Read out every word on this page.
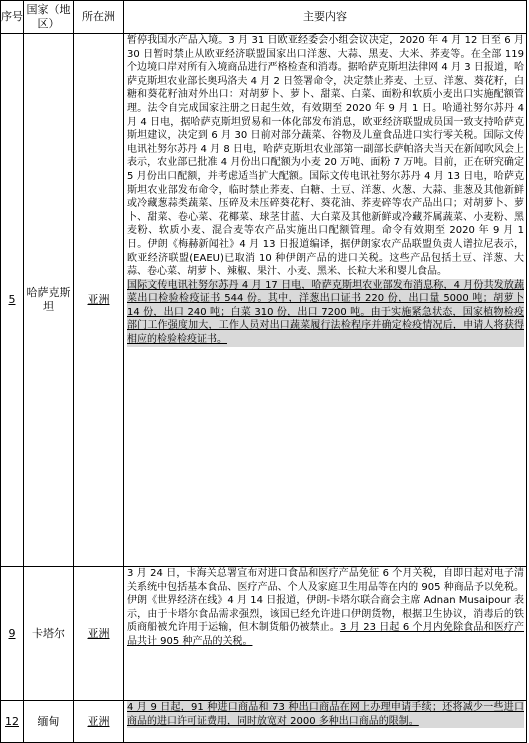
序号	国家（地区）	所在洲	主要内容
5	哈萨克斯坦	亚洲	暂停我国水产品入境。3 月 31 日欧亚经委会小组会议决定，2020 年 4 月 12 日至 6 月 30 日暂时禁止从欧亚经济联盟国家出口洋葱、大蒜、黑麦、大米、荞麦等。在全部 119 个边境口岸对所有入境商品进行严格检查和消毒。据哈萨克斯坦法律网 4 月 3 日报道，哈萨克斯坦农业部长奥玛洛夫 4 月 2 日签署命令，决定禁止荞麦、土豆、洋葱、葵花籽，白糖和葵花籽油对外出口：对胡萝卜、萝卜、甜菜、白菜、面粉和软质小麦出口实施配额管理。法令自完成国家注册之日起生效，有效期至 2020 年 9 月 1 日。哈通社努尔苏丹 4 月 4 日电，据哈萨克斯坦贸易和一体化部发布消息，欧亚经济联盟成员国一致支持哈萨克斯坦建议，决定到 6 月 30 日前对部分蔬菜、谷物及儿童食品进口实行零关税。国际文传电讯社努尔苏丹 4 月 8 日电，哈萨克斯坦农业部第一副部长萨帕洛夫当天在新闻吹风会上表示，农业部已批准 4 月份出口配额为小麦 20 万吨、面粉 7 万吨。目前，正在研究确定 5 月份出口配额，并考虑适当扩大配额。国际文传电讯社努尔苏丹 4 月 13 日电，哈萨克斯坦农业部发布命令，临时禁止荞麦、白糖、土豆、洋葱、火葱、大蒜、韭葱及其他新鲜或冷藏葱蒜类蔬菜、压碎及未压碎葵花籽、葵花油、荞麦碎等农产品出口；对胡萝卜、萝卜、甜菜、卷心菜、花椰菜、球茎甘蓝、大白菜及其他新鲜或冷藏芥属蔬菜、小麦粉、黑麦粉、软质小麦、混合麦等农产品实施出口配额管理。命令有效期至 2020 年 9 月 1 日。伊朗《梅赫新闻社》4 月 13 日报道编译，据伊朗家农产品联盟负责人谱拉尼表示，欧亚经济联盟(EAEU)已取消 10 种伊朗产品的进口关税。这些产品包括土豆、洋葱、大蒜、卷心菜、胡萝卜、辣椒、果汁、小麦、黑米、长粒大米和婴儿食品。
国际文传电讯社努尔苏丹 4 月 17 日电，哈萨克斯坦农业部发布消息称，4 月份共发放蔬菜出口检验检疫证书 544 份。其中，洋葱出口证书 220 份，出口量 5000 吨；胡萝卜 14 份，出口 240 吨；白菜 310 份，出口 7200 吨。由于实施紧急状态，国家植物检疫部门工作强度加大，工作人员对出口蔬菜履行法检程序并确定检疫情况后，申请人将获得相应的检验检疫证书。

9	卡塔尔	亚洲	3 月 24 日，卡海关总署宣布对进口食品和医疗产品免征 6 个月关税，自即日起对电子清关系统中包括基本食品、医疗产品、个人及家庭卫生用品等在内的 905 种商品予以免税。伊朗《世界经济在线》4 月 14 日报道，伊朗-卡塔尔联合商会主席 Adnan Musaipour 表示，由于卡塔尔食品需求强烈，该国已经允许进口伊朗货物，根据卫生协议，消毒后的铁质商船被允许用于运输，但木制货船仍被禁止。3 月 23 日起 6 个月内免除食品和医疗产品共计 905 种产品的关税。
12	缅甸	亚洲	4 月 9 日起，91 种进口商品和 73 种出口商品在网上办理申请手续；还将减少一些进口商品的进口许可证费用，同时放宽对 2000 多种出口商品的限制。
